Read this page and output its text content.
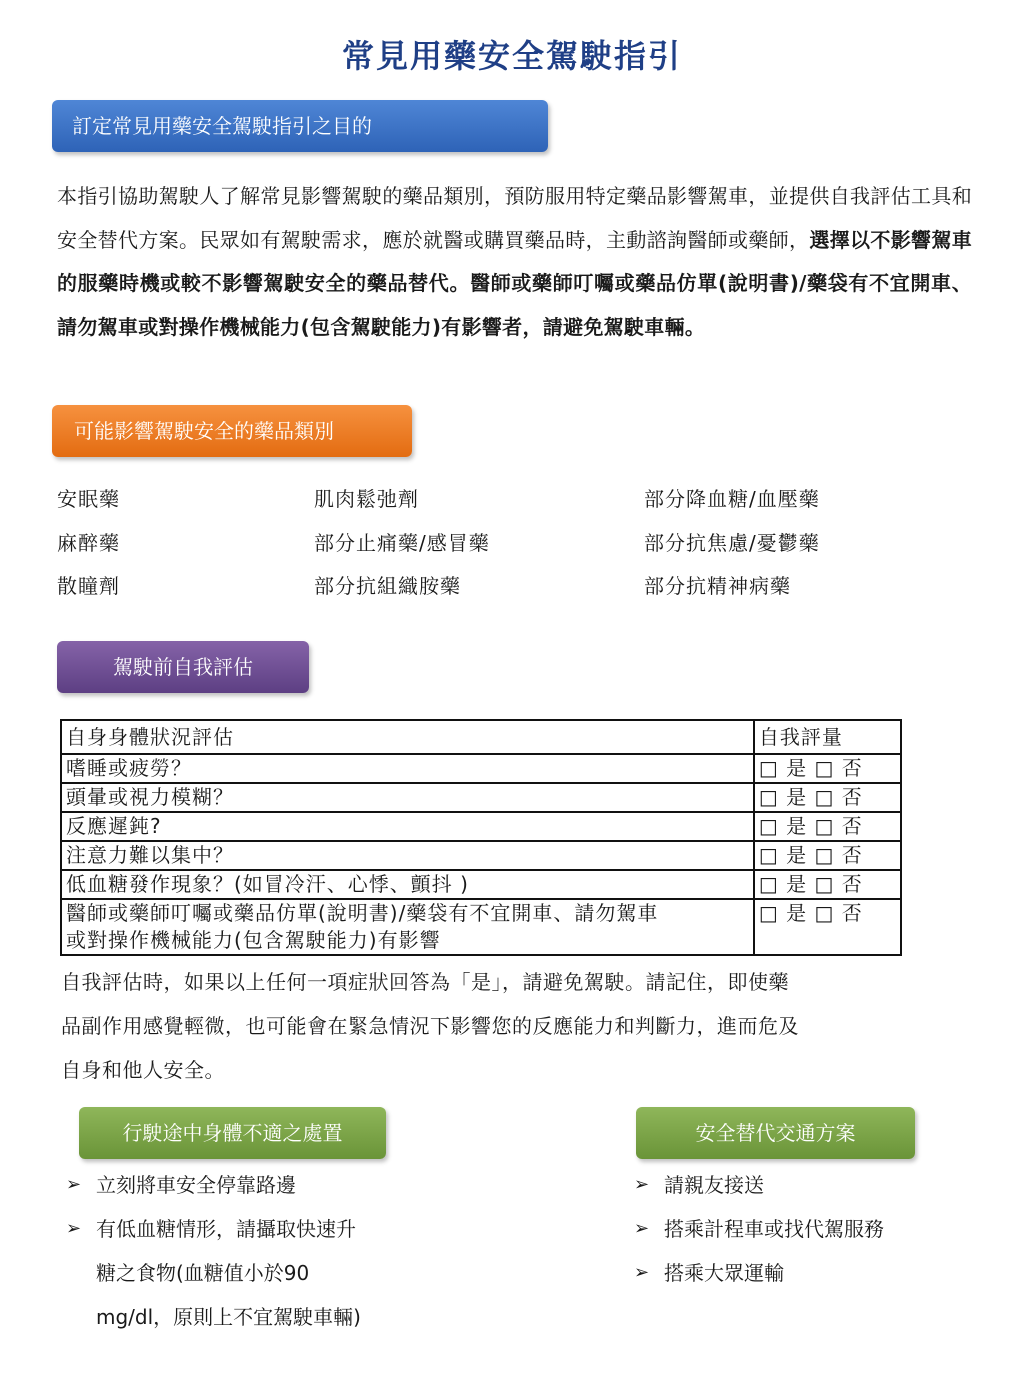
常見用藥安全駕駛指引
訂定常見用藥安全駕駛指引之目的
本指引協助駕駛人了解常見影響駕駛的藥品類別，預防服用特定藥品影響駕車，並提供自我評估工具和安全替代方案。民眾如有駕駛需求，應於就醫或購買藥品時，主動諮詢醫師或藥師，選擇以不影響駕車的服藥時機或較不影響駕駛安全的藥品替代。醫師或藥師叮囑或藥品仿單(說明書)/藥袋有不宜開車、請勿駕車或對操作機械能力(包含駕駛能力)有影響者，請避免駕駛車輛。
可能影響駕駛安全的藥品類別
安眠藥	肌肉鬆弛劑	部分降血糖/血壓藥
麻醉藥	部分止痛藥/感冒藥	部分抗焦慮/憂鬱藥
散瞳劑	部分抗組織胺藥	部分抗精神病藥
駕駛前自我評估
自身身體狀況評估	自我評量
嗜睡或疲勞？	□ 是 □ 否
頭暈或視力模糊？	□ 是 □ 否
反應遲鈍?	□ 是 □ 否
注意力難以集中？	□ 是 □ 否
低血糖發作現象？(如冒冷汗、心悸、顫抖 )	□ 是 □ 否

醫師或藥師叮囑或藥品仿單(說明書)/藥袋有不宜開車、請勿駕車
或對操作機械能力(包含駕駛能力)有影響	□ 是 □ 否
自我評估時，如果以上任何一項症狀回答為「是」，請避免駕駛。請記住，即使藥
品副作用感覺輕微，也可能會在緊急情況下影響您的反應能力和判斷力，進而危及
自身和他人安全。
行駛途中身體不適之處置	安全替代交通方案
➢ 立刻將車安全停靠路邊
➢ 有低血糖情形，請攝取快速升
糖之食物(血糖值小於90
mg/dl，原則上不宜駕駛車輛)
➢ 請親友接送
➢ 搭乘計程車或找代駕服務
➢ 搭乘大眾運輸
